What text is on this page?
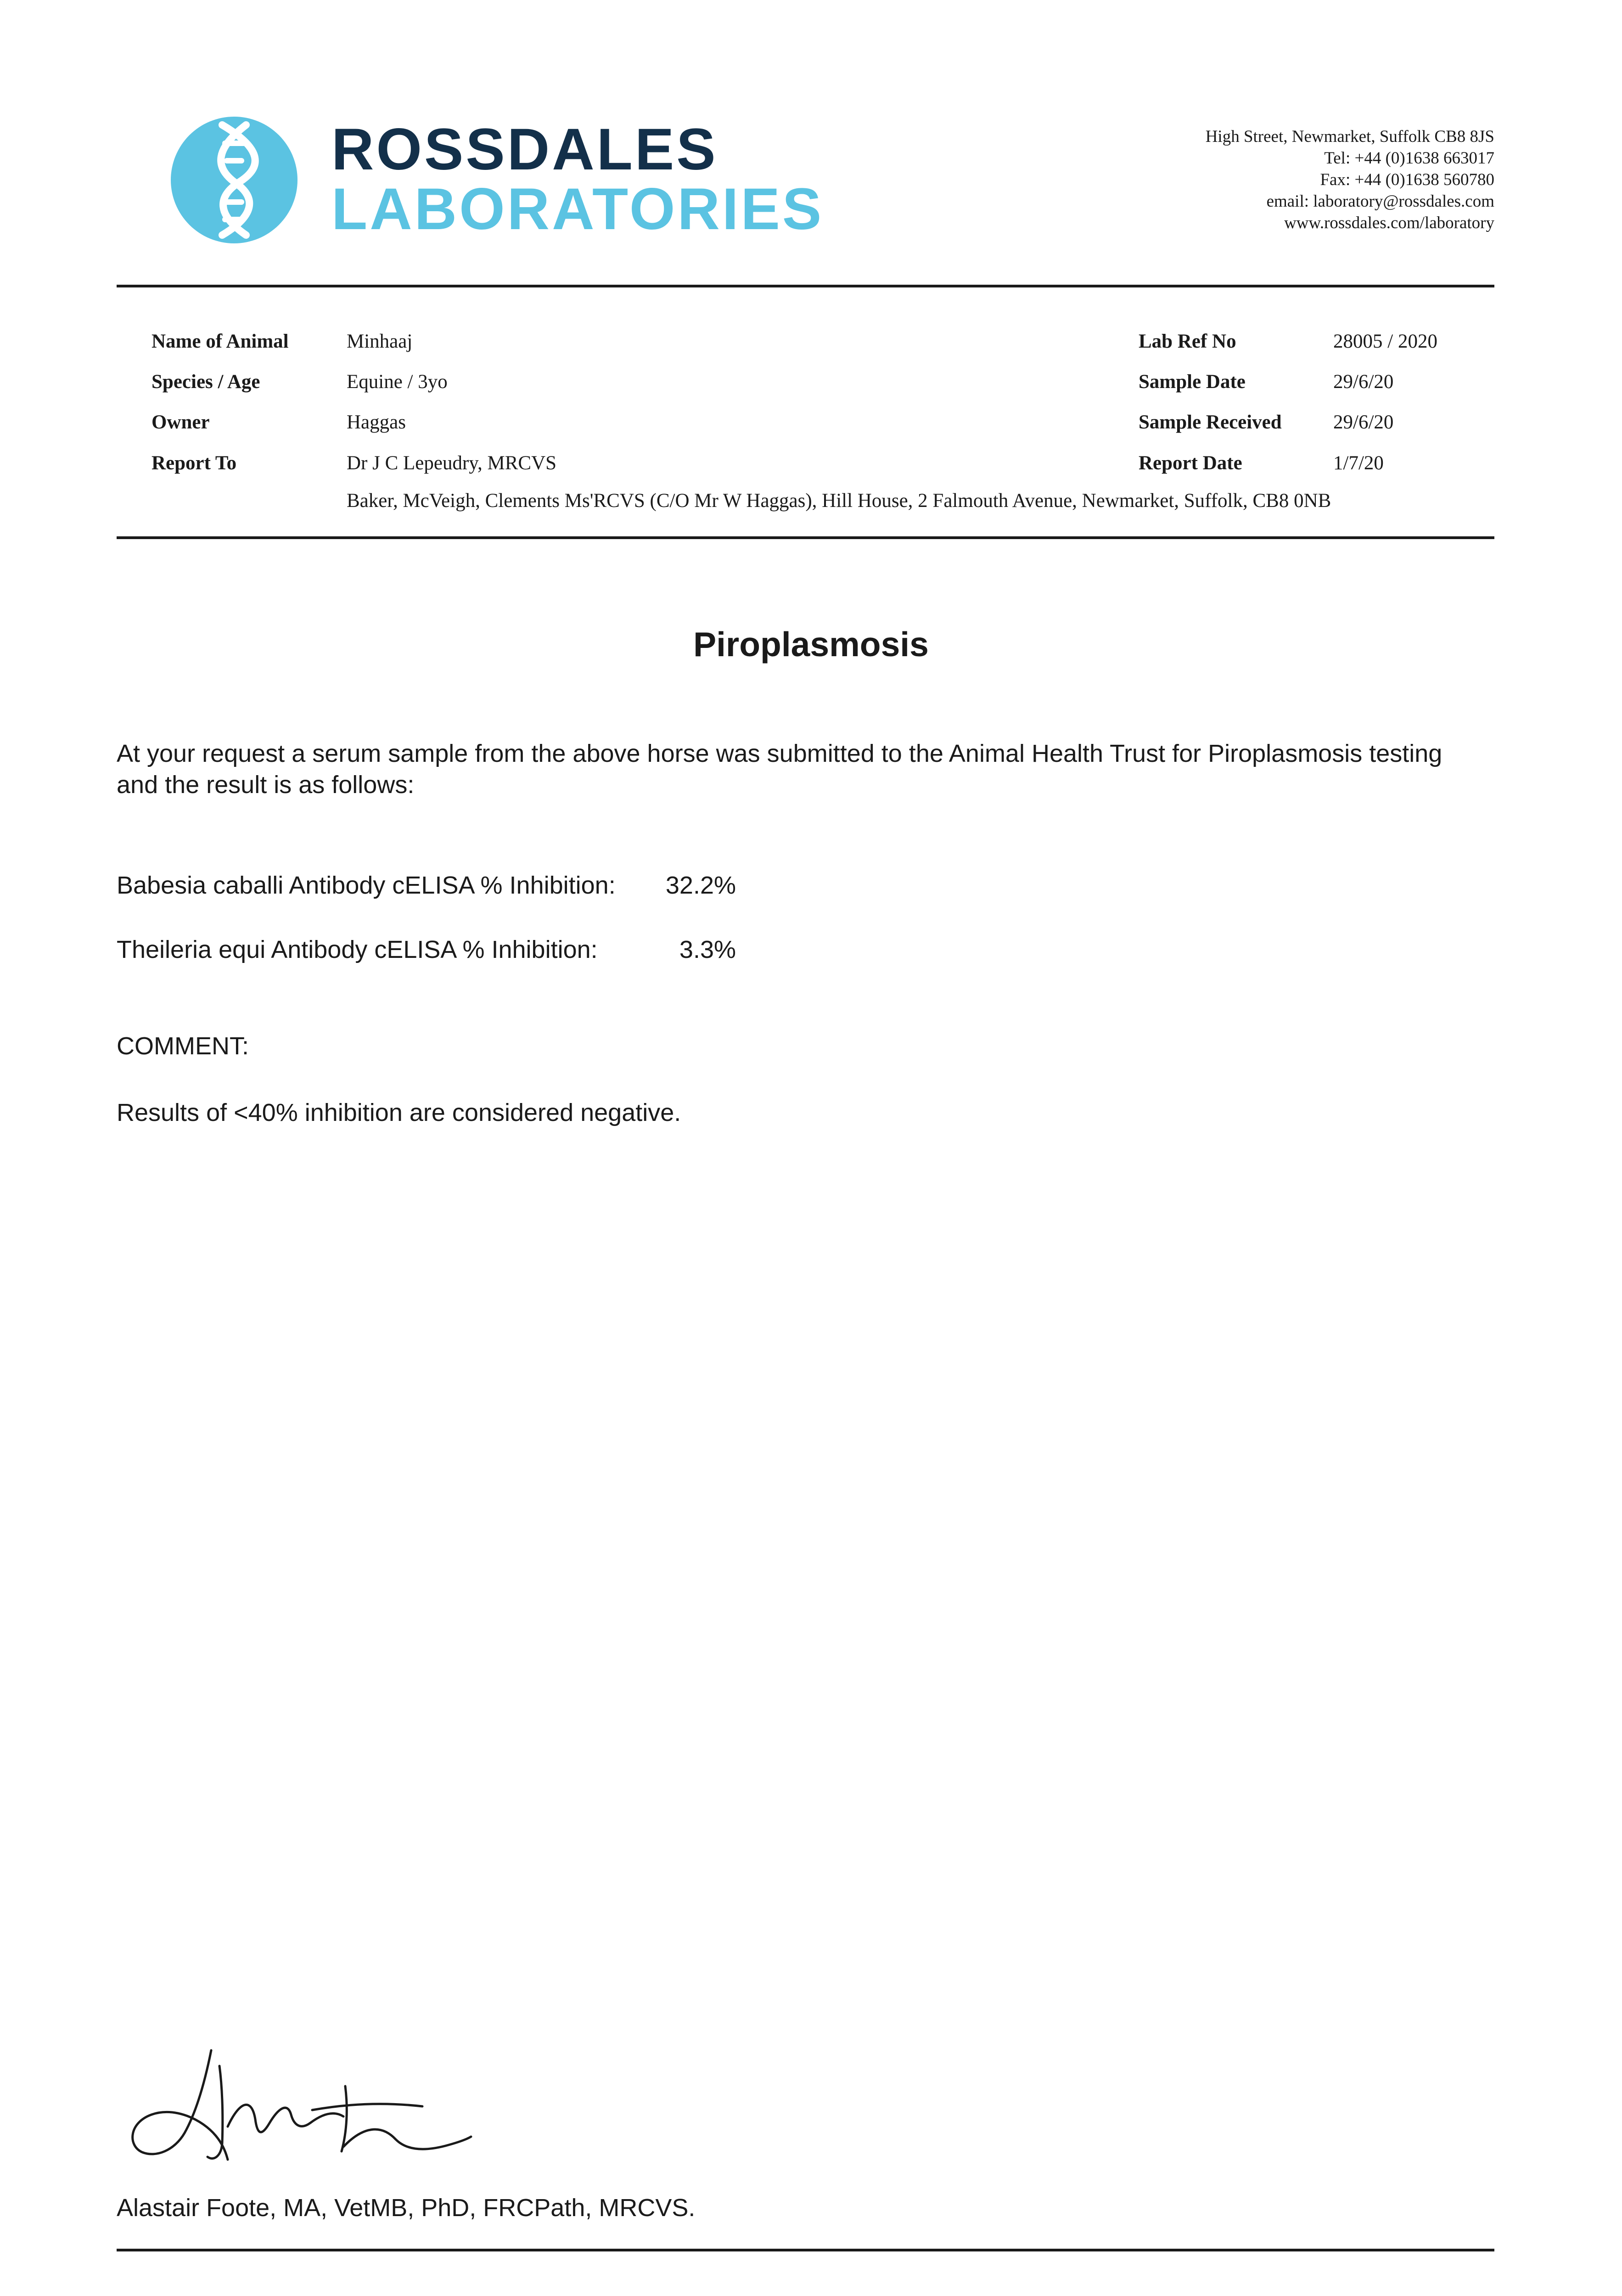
ROSSDALES
LABORATORIES
High Street, Newmarket, Suffolk CB8 8JS
Tel: +44 (0)1638 663017
Fax: +44 (0)1638 560780
email: laboratory@rossdales.com
www.rossdales.com/laboratory
Name of Animal	Minhaaj
Species / Age	Equine / 3yo
Owner	Haggas
Report To	Dr J C Lepeudry, MRCVS
Baker, McVeigh, Clements Ms'RCVS (C/O Mr W Haggas), Hill House, 2 Falmouth Avenue, Newmarket, Suffolk, CB8 0NB
Lab Ref No	28005 / 2020
Sample Date	29/6/20
Sample Received	29/6/20
Report Date	1/7/20
Piroplasmosis
At your request a serum sample from the above horse was submitted to the Animal Health Trust for Piroplasmosis testing and the result is as follows:
Babesia caballi Antibody cELISA % Inhibition: 32.2%
Theileria equi Antibody cELISA % Inhibition:	3.3%
COMMENT:
Results of <40% inhibition are considered negative.
Alastair Foote, MA, VetMB, PhD, FRCPath, MRCVS.
